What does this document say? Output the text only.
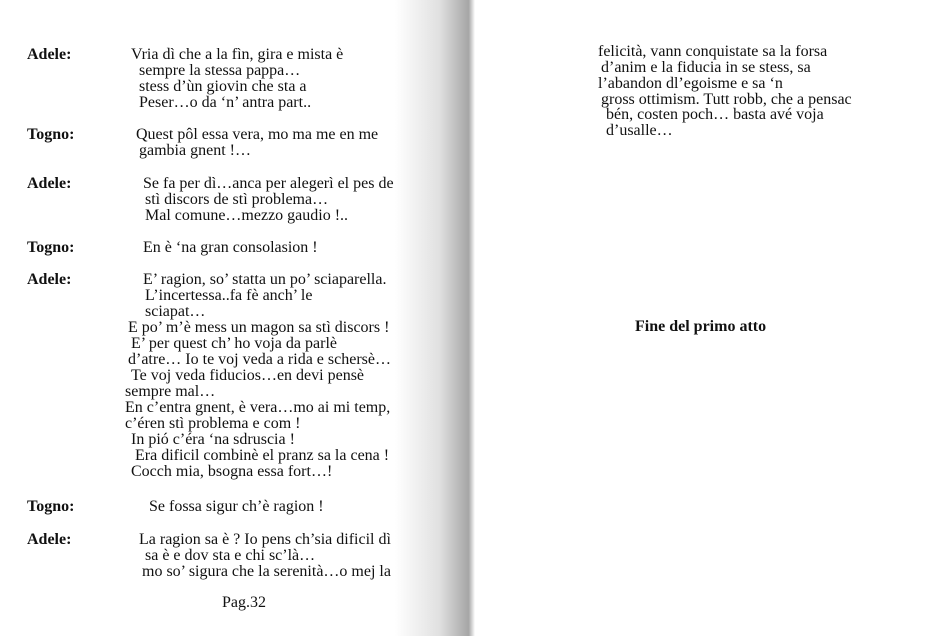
Adele:	Vria dì che a la fìn, gira e mista è
sempre la stessa pappa…
stess d’ùn giovin che sta a
Peser…o da ‘n’ antra part..
Togno:	Quest pôl essa vera, mo ma me en me
gambia gnent !…
Adele:	Se fa per dì…anca per alegerì el pes de
stì discors de stì problema…
Mal comune…mezzo gaudio !..
Togno:	En è ‘na gran consolasion !
Adele:	E’ ragion, so’ statta un po’ sciaparella.
L’incertessa..fa fè anch’ le
sciapat…
E po’ m’è mess un magon sa stì discors !
E’ per quest ch’ ho voja da parlè
d’atre… Io te voj veda a rida e schersè…
Te voj veda fiducios…en devi pensè
sempre mal…
En c’entra gnent, è vera…mo ai mi temp,
c’éren stì problema e com !
In pió c’éra ‘na sdruscia !
Era dificil combinè el pranz sa la cena !
Cocch mia, bsogna essa fort…!
Togno:	Se fossa sigur ch’è ragion !
Adele:	La ragion sa è ? Io pens ch’sia dificil dì
sa è e dov sta e chi sc’là…
mo so’ sigura che la serenità…o mej la
Pag.32
felicità, vann conquistate sa la forsa
d’anim e la fiducia in se stess, sa
l’abandon dl’egoisme e sa ‘n
gross ottimism. Tutt robb, che a pensac
bén, costen poch… basta avé voja
d’usalle…
Fine del primo atto
